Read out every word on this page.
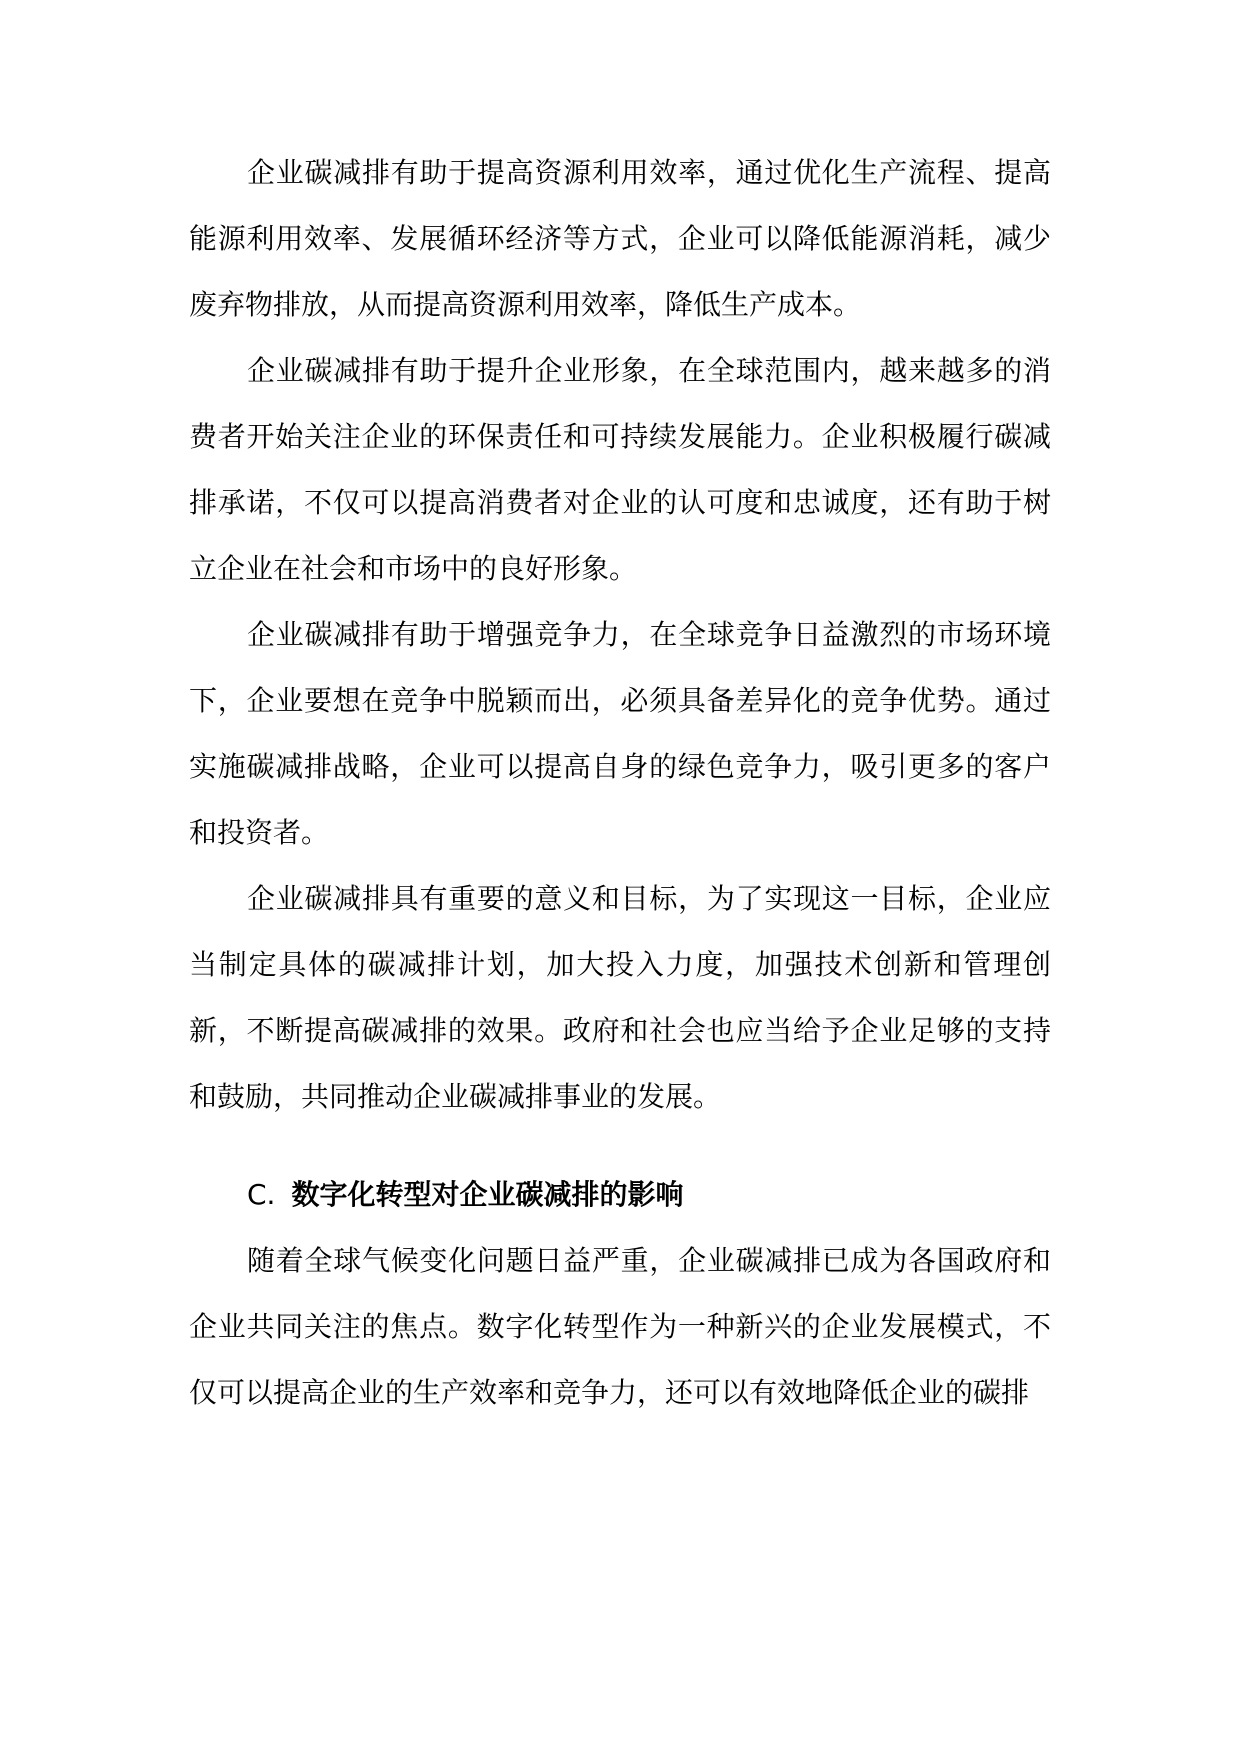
企业碳减排有助于提高资源利用效率，通过优化生产流程、提高能源利用效率、发展循环经济等方式，企业可以降低能源消耗，减少废弃物排放，从而提高资源利用效率，降低生产成本。

企业碳减排有助于提升企业形象，在全球范围内，越来越多的消费者开始关注企业的环保责任和可持续发展能力。企业积极履行碳减排承诺，不仅可以提高消费者对企业的认可度和忠诚度，还有助于树立企业在社会和市场中的良好形象。

企业碳减排有助于增强竞争力，在全球竞争日益激烈的市场环境下，企业要想在竞争中脱颖而出，必须具备差异化的竞争优势。通过实施碳减排战略，企业可以提高自身的绿色竞争力，吸引更多的客户和投资者。

企业碳减排具有重要的意义和目标，为了实现这一目标，企业应当制定具体的碳减排计划，加大投入力度，加强技术创新和管理创新，不断提高碳减排的效果。政府和社会也应当给予企业足够的支持和鼓励，共同推动企业碳减排事业的发展。

C. 数字化转型对企业碳减排的影响

随着全球气候变化问题日益严重，企业碳减排已成为各国政府和企业共同关注的焦点。数字化转型作为一种新兴的企业发展模式，不仅可以提高企业的生产效率和竞争力，还可以有效地降低企业的碳排
